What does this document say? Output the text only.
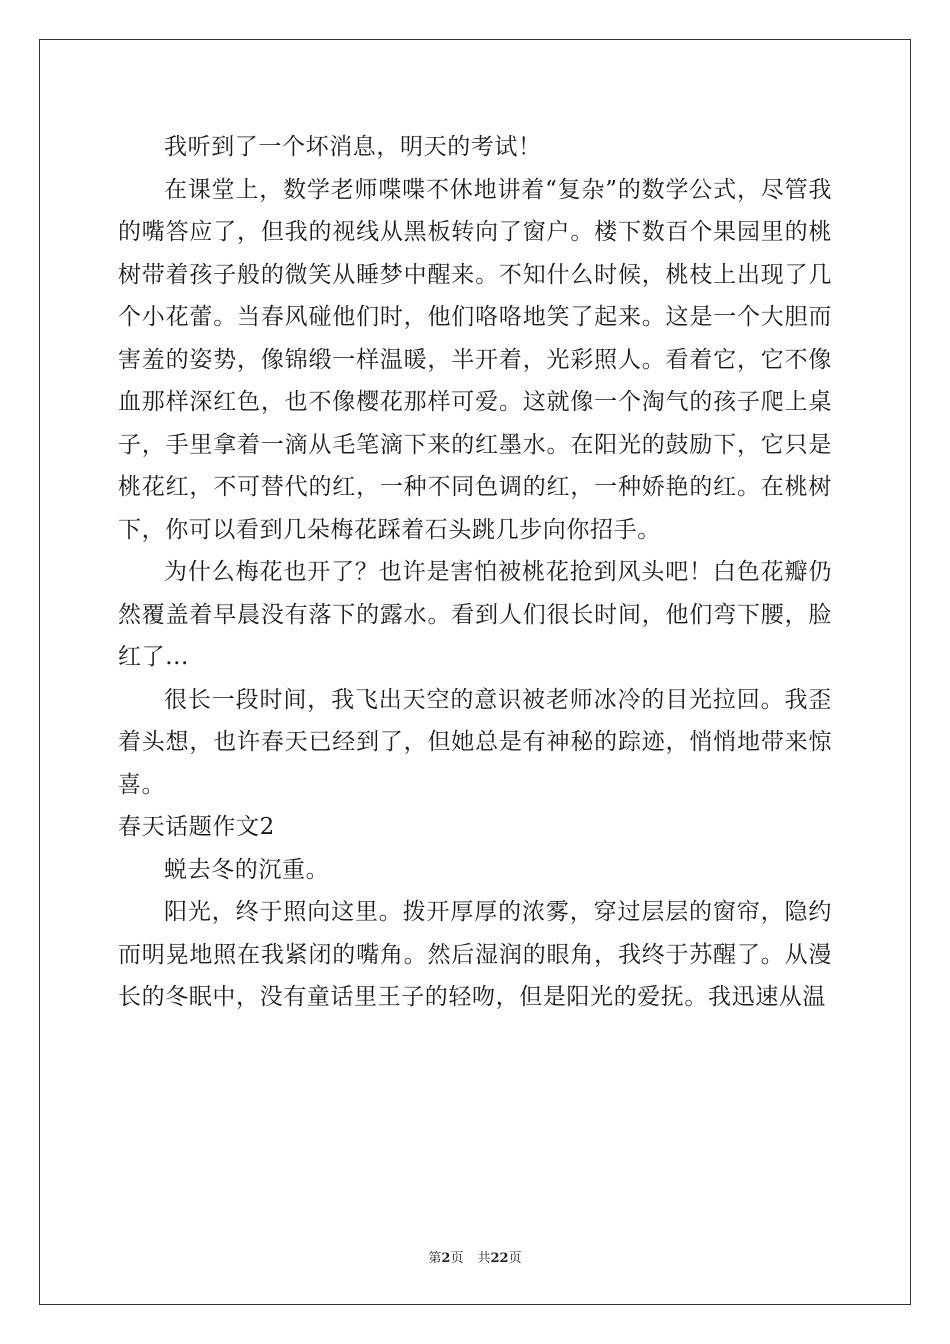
我听到了一个坏消息，明天的考试！

在课堂上，数学老师喋喋不休地讲着“复杂”的数学公式，尽管我的嘴答应了，但我的视线从黑板转向了窗户。楼下数百个果园里的桃树带着孩子般的微笑从睡梦中醒来。不知什么时候，桃枝上出现了几个小花蕾。当春风碰他们时，他们咯咯地笑了起来。这是一个大胆而害羞的姿势，像锦缎一样温暖，半开着，光彩照人。看着它，它不像血那样深红色，也不像樱花那样可爱。这就像一个淘气的孩子爬上桌子，手里拿着一滴从毛笔滴下来的红墨水。在阳光的鼓励下，它只是桃花红，不可替代的红，一种不同色调的红，一种娇艳的红。在桃树下，你可以看到几朵梅花踩着石头跳几步向你招手。

为什么梅花也开了？也许是害怕被桃花抢到风头吧！白色花瓣仍然覆盖着早晨没有落下的露水。看到人们很长时间，他们弯下腰，脸红了...

很长一段时间，我飞出天空的意识被老师冰冷的目光拉回。我歪着头想，也许春天已经到了，但她总是有神秘的踪迹，悄悄地带来惊喜。

春天话题作文2

蜕去冬的沉重。

阳光，终于照向这里。拨开厚厚的浓雾，穿过层层的窗帘，隐约而明晃地照在我紧闭的嘴角。然后湿润的眼角，我终于苏醒了。从漫长的冬眠中，没有童话里王子的轻吻，但是阳光的爱抚。我迅速从温

第2页 共22页
